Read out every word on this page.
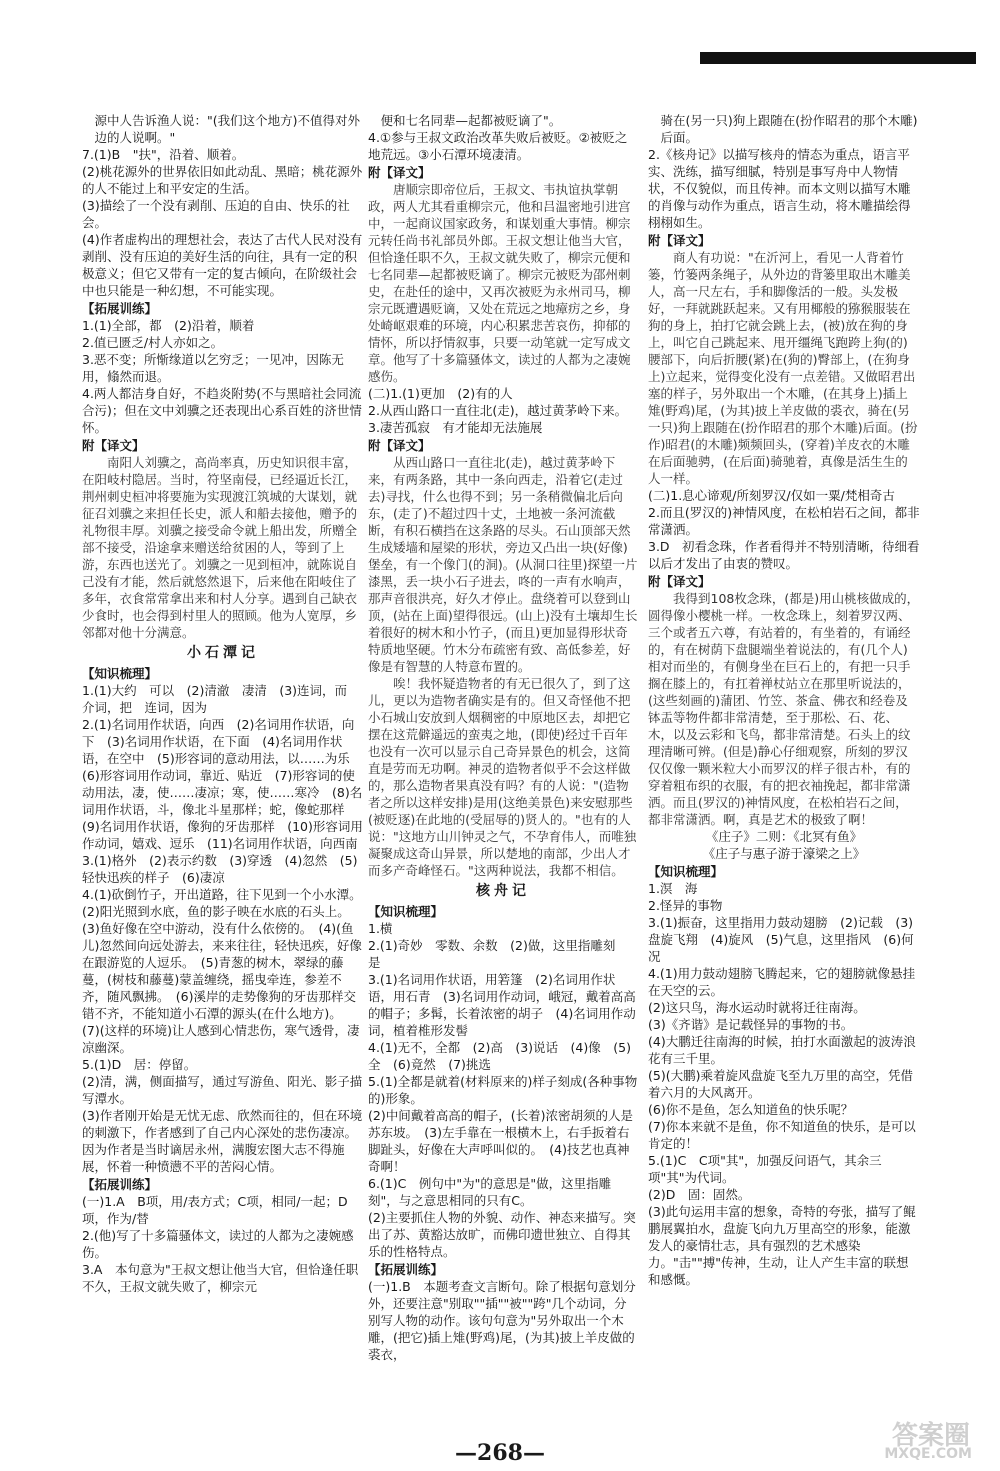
源中人告诉渔人说："(我们这个地方)不值得对外边的人说啊。"

7.(1)B　"扶"，沿着、顺着。

(2)桃花源外的世界依旧如此动乱、黑暗；桃花源外的人不能过上和平安定的生活。

(3)描绘了一个没有剥削、压迫的自由、快乐的社会。

(4)作者虚构出的理想社会，表达了古代人民对没有剥削、没有压迫的美好生活的向往，具有一定的积极意义；但它又带有一定的复古倾向，在阶级社会中也只能是一种幻想，不可能实现。

【拓展训练】

1.(1)全部，都　(2)沿着，顺着

2.值已匮乏/村人亦如之。

3.恶不变；所惭缘道以乞穷乏；一见冲，因陈无用，翛然而退。

4.两人都洁身自好，不趋炎附势(不与黑暗社会同流合污)；但在文中刘骥之还表现出心系百姓的济世情怀。

附【译文】

南阳人刘骥之，高尚率真，历史知识很丰富，在阳岐村隐居。当时，符坚南侵，已经逼近长江，荆州刺史桓冲将要施为实现渡江筑城的大谋划，就征召刘骥之来担任长史，派人和船去接他，赠予的礼物很丰厚。刘骥之接受命令就上船出发，所赠全部不接受，沿途拿来赠送给贫困的人，等到了上游，东西也送光了。刘骥之一见到桓冲，就陈说自己没有才能，然后就悠然退下，后来他在阳岐住了多年，衣食常常拿出来和村人分享。遇到自己缺衣少食时，也会得到村里人的照顾。他为人宽厚，乡邻都对他十分满意。

小石潭记

【知识梳理】

1.(1)大约　可以　(2)清澈　凄清　(3)连词，而　介词，把　连词，因为

2.(1)名词用作状语，向西　(2)名词用作状语，向下　(3)名词用作状语，在下面　(4)名词用作状语，在空中　(5)形容词的意动用法，以……为乐　(6)形容词用作动词，靠近、贴近　(7)形容词的使动用法，凄，使……凄凉；寒，使……寒冷　(8)名词用作状语，斗，像北斗星那样；蛇，像蛇那样　(9)名词用作状语，像狗的牙齿那样　(10)形容词用作动词，嬉戏、逗乐　(11)名词用作状语，向西南

3.(1)格外　(2)表示约数　(3)穿透　(4)忽然　(5)轻快迅疾的样子　(6)凄凉

4.(1)砍倒竹子，开出道路，往下见到一个小水潭。　(2)阳光照到水底，鱼的影子映在水底的石头上。　(3)鱼好像在空中游动，没有什么依傍的。　(4)(鱼儿)忽然间向远处游去，来来往往，轻快迅疾，好像在跟游览的人逗乐。　(5)青葱的树木，翠绿的藤蔓，(树枝和藤蔓)蒙盖缠绕，摇曳牵连，参差不齐，随风飘拂。　(6)溪岸的走势像狗的牙齿那样交错不齐，不能知道小石潭的源头(在什么地方)。　(7)(这样的环境)让人感到心情悲伤，寒气透骨，凄凉幽深。

5.(1)D　居：停留。

(2)清，满，侧面描写，通过写游鱼、阳光、影子描写潭水。

(3)作者刚开始是无忧无虑、欣然而往的，但在环境的刺激下，作者感到了自己内心深处的悲伤凄凉。因为作者是当时谪居永州，满腹宏图大志不得施展，怀着一种愤懑不平的苦闷心情。

【拓展训练】

(一)1.A　B项，用/表方式；C项，相同/一起；D项，作为/替

2.(他)写了十多篇骚体文，读过的人都为之凄婉感伤。

3.A　本句意为"王叔文想让他当大官，但恰逢任职不久，王叔文就失败了，柳宗元

便和七名同辈—起都被贬谪了"。

4.①参与王叔文政治改革失败后被贬。②被贬之地荒远。③小石潭环境凄清。

附【译文】

唐顺宗即帝位后，王叔文、韦执谊执掌朝政，两人尤其看重柳宗元，他和吕温密地引进宫中，一起商议国家政务，和谋划重大事情。柳宗元转任尚书礼部员外郎。王叔文想让他当大官，但恰逢任职不久，王叔文就失败了，柳宗元便和七名同辈—起都被贬谪了。柳宗元被贬为邵州刺史，在赴任的途中，又再次被贬为永州司马，柳宗元既遭遇贬谪，又处在荒远之地瘴疠之乡，身处崎岖艰难的环境，内心积累悲苦哀伤，抑郁的情怀，所以抒情叙事，只要一动笔就一定写成文章。他写了十多篇骚体文，读过的人都为之凄婉感伤。

(二)1.(1)更加　(2)有的人

2.从西山路口一直往北(走)，越过黄茅岭下来。

3.凄苦孤寂　有才能却无法施展

附【译文】

从西山路口一直往北(走)，越过黄茅岭下来，有两条路，其中一条向西走，沿着它(走过去)寻找，什么也得不到；另一条稍微偏北后向东，(走了)不超过四十丈，土地被一条河流截断，有积石横挡在这条路的尽头。石山顶部天然生成矮墙和屋梁的形状，旁边又凸出一块(好像)堡垒，有一个像门(的洞)。(从洞口往里)探望一片漆黑，丢一块小石子进去，咚的一声有水响声，那声音很洪亮，好久才停止。盘绕着可以登到山顶，(站在上面)望得很远。(山上)没有土壤却生长着很好的树木和小竹子，(而且)更加显得形状奇特质地坚硬。竹木分布疏密有致、高低参差，好像是有智慧的人特意布置的。

唉！我怀疑造物者的有无已很久了，到了这儿，更以为造物者确实是有的。但又奇怪他不把小石城山安放到人烟稠密的中原地区去，却把它摆在这荒僻遥远的蛮夷之地，(即使)经过千百年也没有一次可以显示自己奇异景色的机会，这简直是劳而无功啊。神灵的造物者似乎不会这样做的，那么造物者果真没有吗？有的人说："(造物者之所以这样安排)是用(这绝美景色)来安慰那些(被贬逐)在此地的(受屈辱的)贤人的。"也有的人说："这地方山川钟灵之气，不孕育伟人，而唯独凝聚成这奇山异景，所以楚地的南部，少出人才而多产奇峰怪石。"这两种说法，我都不相信。

核舟记

【知识梳理】

1.横

2.(1)奇妙　零数、余数　(2)做，这里指雕刻　是

3.(1)名词用作状语，用箬篷　(2)名词用作状语，用石青　(3)名词用作动词，峨冠，戴着高高的帽子；多髯，长着浓密的胡子　(4)名词用作动词，植着椎形发髻

4.(1)无不，全都　(2)高　(3)说话　(4)像　(5)全　(6)竟然　(7)挑选

5.(1)全都是就着(材料原来的)样子刻成(各种事物的)形象。

(2)中间戴着高高的帽子，(长着)浓密胡须的人是苏东坡。　(3)左手靠在一根横木上，右手扳着右脚趾头，好像在大声呼叫似的。　(4)技艺也真神奇啊！

6.(1)C　例句中"为"的意思是"做，这里指雕刻"，与之意思相同的只有C。

(2)主要抓住人物的外貌、动作、神态来描写。突出了苏、黄豁达放旷，而佛印遗世独立、自得其乐的性格特点。

【拓展训练】

(一)1.B　本题考查文言断句。除了根据句意划分外，还要注意"别取""插""被""跨"几个动词，分别写人物的动作。该句句意为"另外取出一个木雕，(把它)插上雉(野鸡)尾，(为其)披上羊皮做的裘衣，

骑在(另一只)狗上跟随在(扮作昭君的那个木雕)后面。

2.《核舟记》以描写核舟的情态为重点，语言平实、洗练，描写细腻，特别是事写舟中人物情状，不仅貌似，而且传神。而本文则以描写木雕的肖像与动作为重点，语言生动，将木雕描绘得栩栩如生。

附【译文】

商人有功说："在沂河上，看见一人背着竹篓，竹篓两条绳子，从外边的背篓里取出木雕美人，高一尺左右，手和脚像活的一般。头发极好，一拜就跳跃起来。又有用椰般的猕猴服装在狗的身上，拍打它就会跳上去，(被)放在狗的身上，叫它自己跳起来、甩开缰绳飞跑跨上狗(的)腰部下，向后折腰(紧)在(狗的)臀部上，(在狗身上)立起来，觉得变化没有一点差错。又做昭君出塞的样子，另外取出一个木雕，(在其身上)插上雉(野鸡)尾，(为其)披上羊皮做的裘衣，骑在(另一只)狗上跟随在(扮作昭君的那个木雕)后面。(扮作)昭君(的木雕)频频回头，(穿着)羊皮衣的木雕在后面驰骋，(在后面)骑驰着，真像是活生生的人一样。

(二)1.息心谛观/所刻罗汉/仅如一粟/梵相奇古

2.而且(罗汉的)神情风度，在松柏岩石之间，都非常潇洒。

3.D　初看念珠，作者看得并不特别清晰，待细看以后才发出了由衷的赞叹。

附【译文】

我得到108枚念珠，(都是)用山桃核做成的，圆得像小樱桃一样。一枚念珠上，刻着罗汉两、三个或者五六尊，有站着的，有坐着的，有诵经的，有在树荫下盘腿端坐着说法的，有(几个人)相对而坐的，有侧身坐在巨石上的，有把一只手搁在膝上的，有扛着禅杖站立在那里听说法的，(这些刻画的)蒲团、竹笠、茶盒、佛衣和经卷及钵盂等物件都非常清楚，至于那松、石、花、木，以及云彩和飞鸟，都非常清楚。石头上的纹理清晰可辨。(但是)静心仔细观察，所刻的罗汉仅仅像一颗米粒大小而罗汉的样子很古朴，有的穿着粗布织的衣服，有的把衣袖挽起，都非常潇洒。而且(罗汉的)神情风度，在松柏岩石之间，都非常潇洒。啊，真是艺术的极致了啊！

《庄子》二则：《北冥有鱼》

《庄子与惠子游于濠梁之上》

【知识梳理】

1.溟　海

2.怪异的事物

3.(1)振奋，这里指用力鼓动翅膀　(2)记载　(3)盘旋飞翔　(4)旋风　(5)气息，这里指风　(6)何况

4.(1)用力鼓动翅膀飞腾起来，它的翅膀就像悬挂在天空的云。

(2)这只鸟，海水运动时就将迁往南海。

(3)《齐谐》是记载怪异的事物的书。

(4)大鹏迁往南海的时候，拍打水面激起的波涛浪花有三千里。

(5)(大鹏)乘着旋风盘旋飞至九万里的高空，凭借着六月的大风离开。

(6)你不是鱼，怎么知道鱼的快乐呢？

(7)你本来就不是鱼，你不知道鱼的快乐，是可以肯定的！

5.(1)C　C项"其"，加强反问语气，其余三项"其"为代词。

(2)D　固：固然。

(3)此句运用丰富的想象，奇特的夸张，描写了鲲鹏展翼拍水，盘旋飞向九万里高空的形象，能激发人的豪情壮志，具有强烈的艺术感染力。"击""搏"传神，生动，让人产生丰富的联想和感慨。

—268—
答案圈
MXQE.COM
